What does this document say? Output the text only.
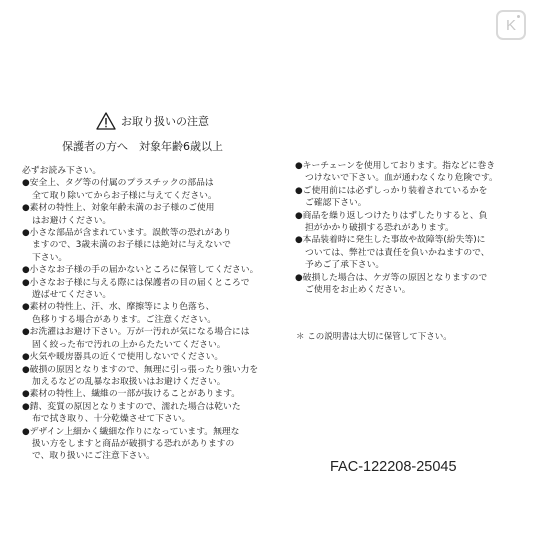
K
お取り扱いの注意
保護者の方へ　対象年齢6歳以上
必ずお読み下さい。
●安全上、タグ等の付属のプラスチックの部品は
全て取り除いてからお子様に与えてください。
●素材の特性上、対象年齢未満のお子様のご使用
はお避けください。
●小さな部品が含まれています。誤飲等の恐れがあり
ますので、3歳未満のお子様には絶対に与えないで
下さい。
●小さなお子様の手の届かないところに保管してください。
●小さなお子様に与える際には保護者の目の届くところで
遊ばせてください。
●素材の特性上、汗、水、摩擦等により色落ち、
色移りする場合があります。ご注意ください。
●お洗濯はお避け下さい。万が一汚れが気になる場合には
固く絞った布で汚れの上からたたいてください。
●火気や暖房器具の近くで使用しないでください。
●破損の原因となりますので、無理に引っ張ったり強い力を
加えるなどの乱暴なお取扱いはお避けください。
●素材の特性上、繊維の一部が抜けることがあります。
●錆、変質の原因となりますので、濡れた場合は乾いた
布で拭き取り、十分乾燥させて下さい。
●デザイン上細かく繊細な作りになっています。無理な
扱い方をしますと商品が破損する恐れがありますの
で、取り扱いにご注意下さい。
●キーチェーンを使用しております。指などに巻き
つけないで下さい。血が通わなくなり危険です。
●ご使用前には必ずしっかり装着されているかを
ご確認下さい。
●商品を繰り返しつけたりはずしたりすると、負
担がかかり破損する恐れがあります。
●本品装着時に発生した事故や故障等(紛失等)に
ついては、弊社では責任を負いかねますので、
予めご了承下さい。
●破損した場合は、ケガ等の原因となりますので
ご使用をお止めください。
＊ この説明書は大切に保管して下さい。
FAC-122208-25045
